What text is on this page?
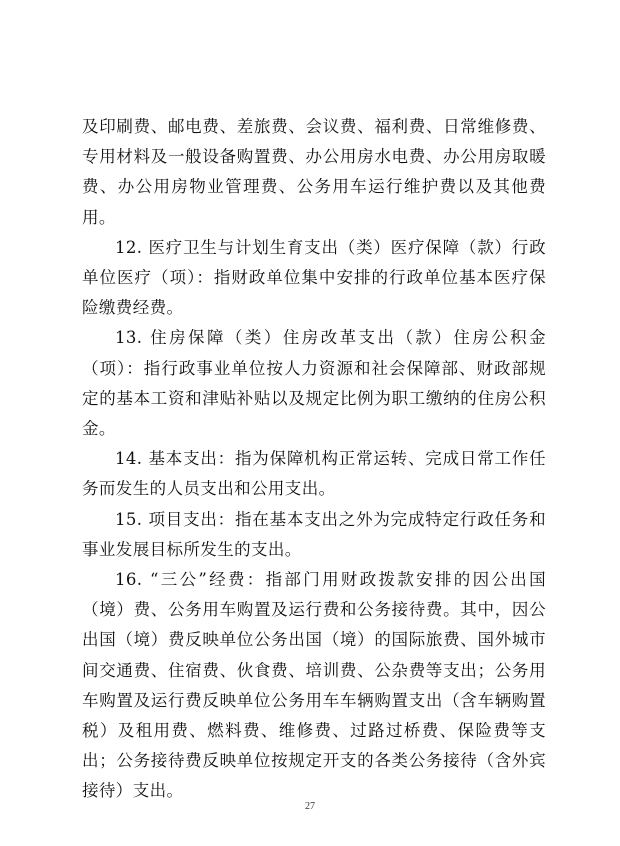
及印刷费、邮电费、差旅费、会议费、福利费、日常维修费、专用材料及一般设备购置费、办公用房水电费、办公用房取暖费、办公用房物业管理费、公务用车运行维护费以及其他费用。

12. 医疗卫生与计划生育支出（类）医疗保障（款）行政单位医疗（项）：指财政单位集中安排的行政单位基本医疗保险缴费经费。

13. 住房保障（类）住房改革支出（款）住房公积金（项）：指行政事业单位按人力资源和社会保障部、财政部规定的基本工资和津贴补贴以及规定比例为职工缴纳的住房公积金。

14. 基本支出：指为保障机构正常运转、完成日常工作任务而发生的人员支出和公用支出。

15. 项目支出：指在基本支出之外为完成特定行政任务和事业发展目标所发生的支出。

16. “三公”经费：指部门用财政拨款安排的因公出国（境）费、公务用车购置及运行费和公务接待费。其中，因公出国（境）费反映单位公务出国（境）的国际旅费、国外城市间交通费、住宿费、伙食费、培训费、公杂费等支出；公务用车购置及运行费反映单位公务用车车辆购置支出（含车辆购置税）及租用费、燃料费、维修费、过路过桥费、保险费等支出；公务接待费反映单位按规定开支的各类公务接待（含外宾接待）支出。

27
